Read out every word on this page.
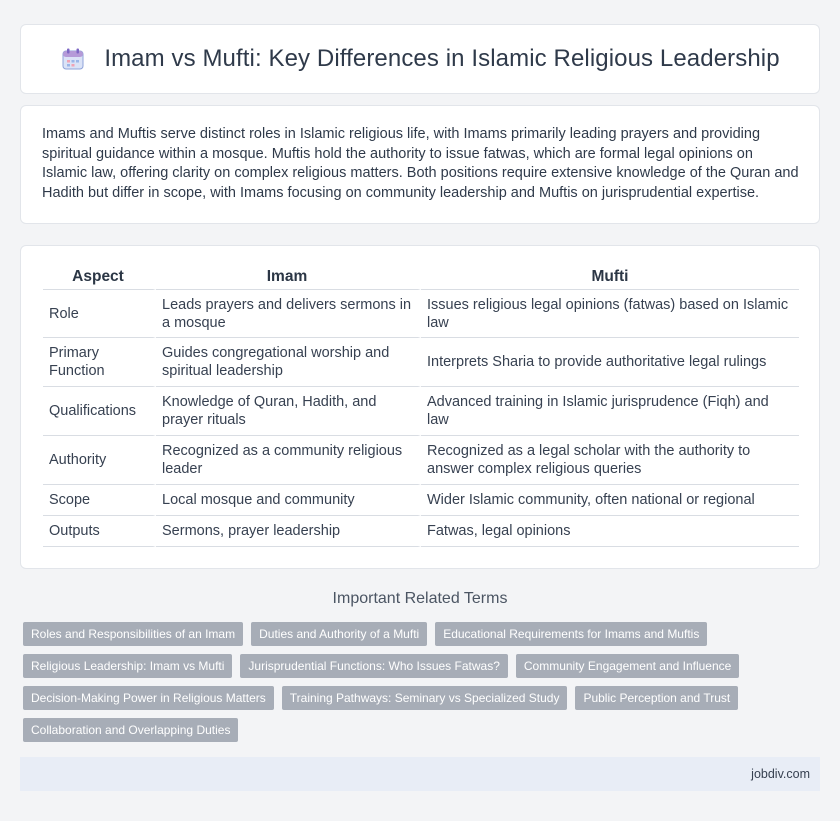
Imam vs Mufti: Key Differences in Islamic Religious Leadership

Imams and Muftis serve distinct roles in Islamic religious life, with Imams primarily leading prayers and providing spiritual guidance within a mosque. Muftis hold the authority to issue fatwas, which are formal legal opinions on Islamic law, offering clarity on complex religious matters. Both positions require extensive knowledge of the Quran and Hadith but differ in scope, with Imams focusing on community leadership and Muftis on jurisprudential expertise.

Aspect	Imam	Mufti
Role	Leads prayers and delivers sermons in a mosque	Issues religious legal opinions (fatwas) based on Islamic law
Primary Function	Guides congregational worship and spiritual leadership	Interprets Sharia to provide authoritative legal rulings
Qualifications	Knowledge of Quran, Hadith, and prayer rituals	Advanced training in Islamic jurisprudence (Fiqh) and law
Authority	Recognized as a community religious leader	Recognized as a legal scholar with the authority to answer complex religious queries
Scope	Local mosque and community	Wider Islamic community, often national or regional
Outputs	Sermons, prayer leadership	Fatwas, legal opinions
Important Related Terms
Roles and Responsibilities of an Imam	Duties and Authority of a Mufti	Educational Requirements for Imams and Muftis
Religious Leadership: Imam vs Mufti	Jurisprudential Functions: Who Issues Fatwas?	Community Engagement and Influence
Decision-Making Power in Religious Matters	Training Pathways: Seminary vs Specialized Study	Public Perception and Trust
Collaboration and Overlapping Duties
jobdiv.com
